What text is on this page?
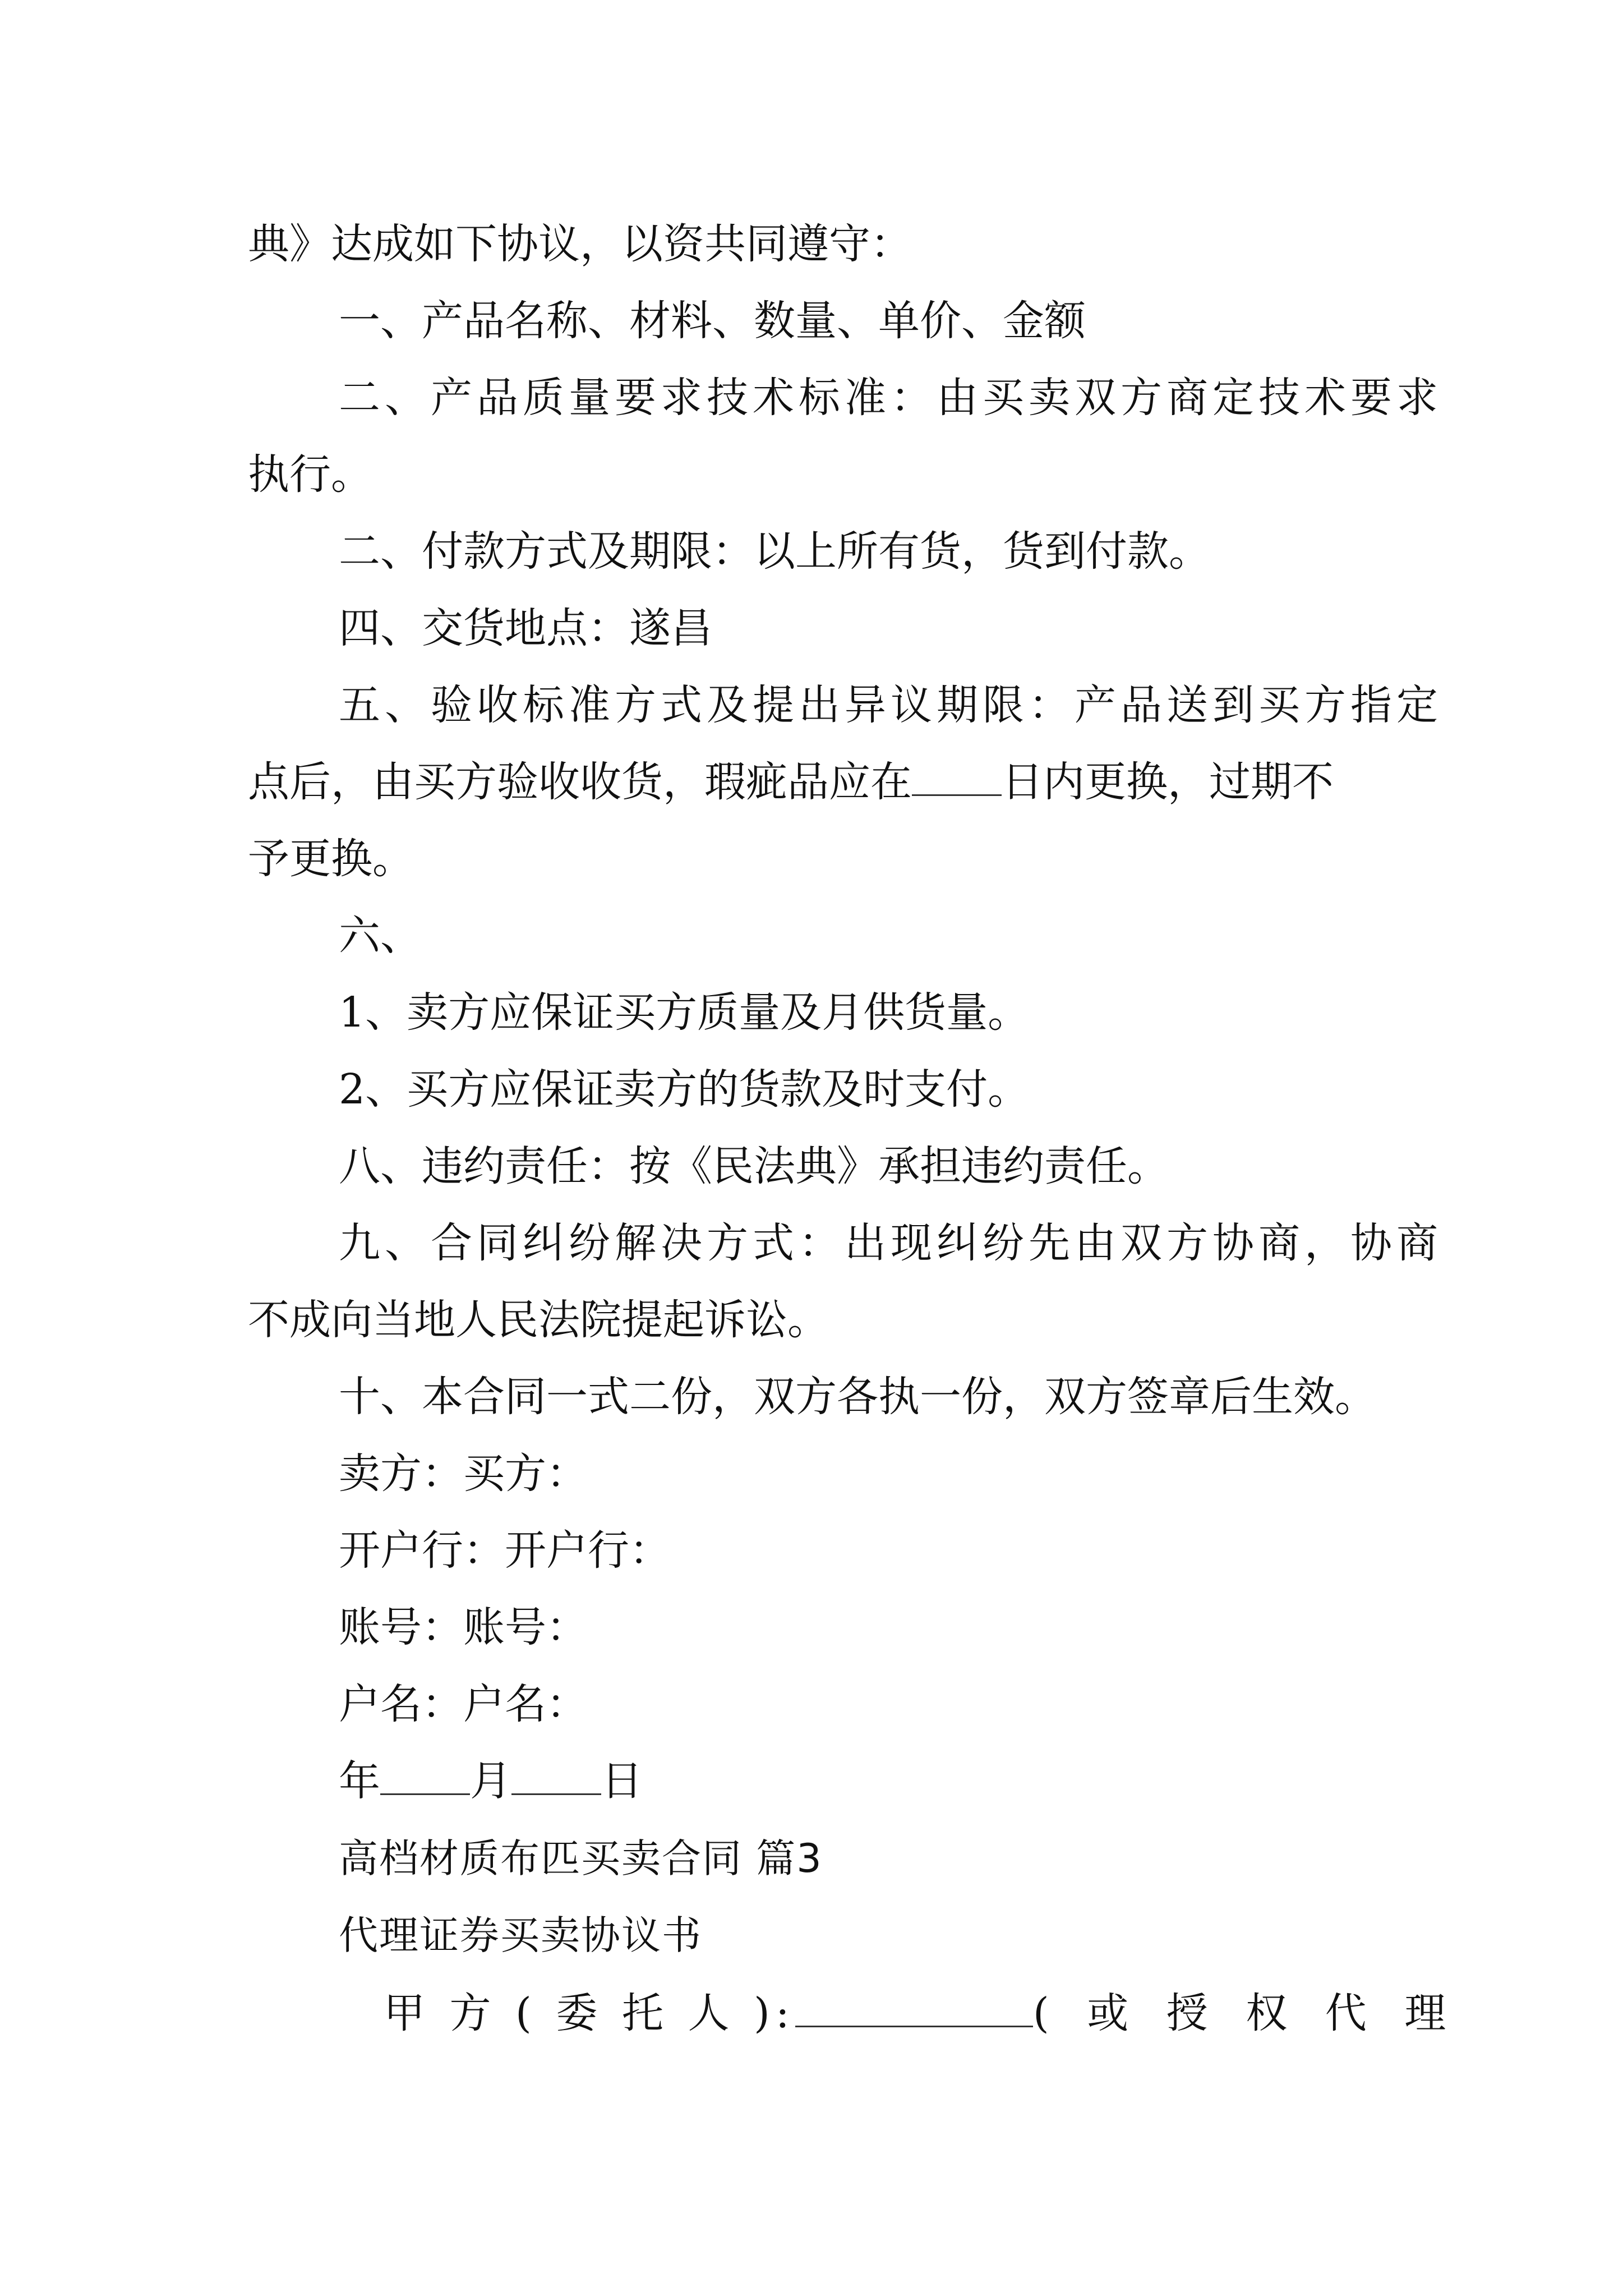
典》达成如下协议，以资共同遵守：
一、产品名称、材料、数量、单价、金额
二、产品质量要求技术标准：由买卖双方商定技术要求
执行。
二、付款方式及期限：以上所有货，货到付款。
四、交货地点：遂昌
五、验收标准方式及提出异议期限：产品送到买方指定
点后，由买方验收收货，瑕疵品应在 日内更换，过期不
予更换。
六、
1、卖方应保证买方质量及月供货量。
2、买方应保证卖方的货款及时支付。
八、违约责任：按《民法典》承担违约责任。
九、合同纠纷解决方式：出现纠纷先由双方协商，协商
不成向当地人民法院提起诉讼。
十、本合同一式二份，双方各执一份，双方签章后生效。
卖方：买方：
开户行：开户行：
账号：账号：
户名：户名：
年 月 日
高档材质布匹买卖合同 篇3
代理证券买卖协议书
甲 方 ( 委 托 人 ):	( 或 授 权 代 理
